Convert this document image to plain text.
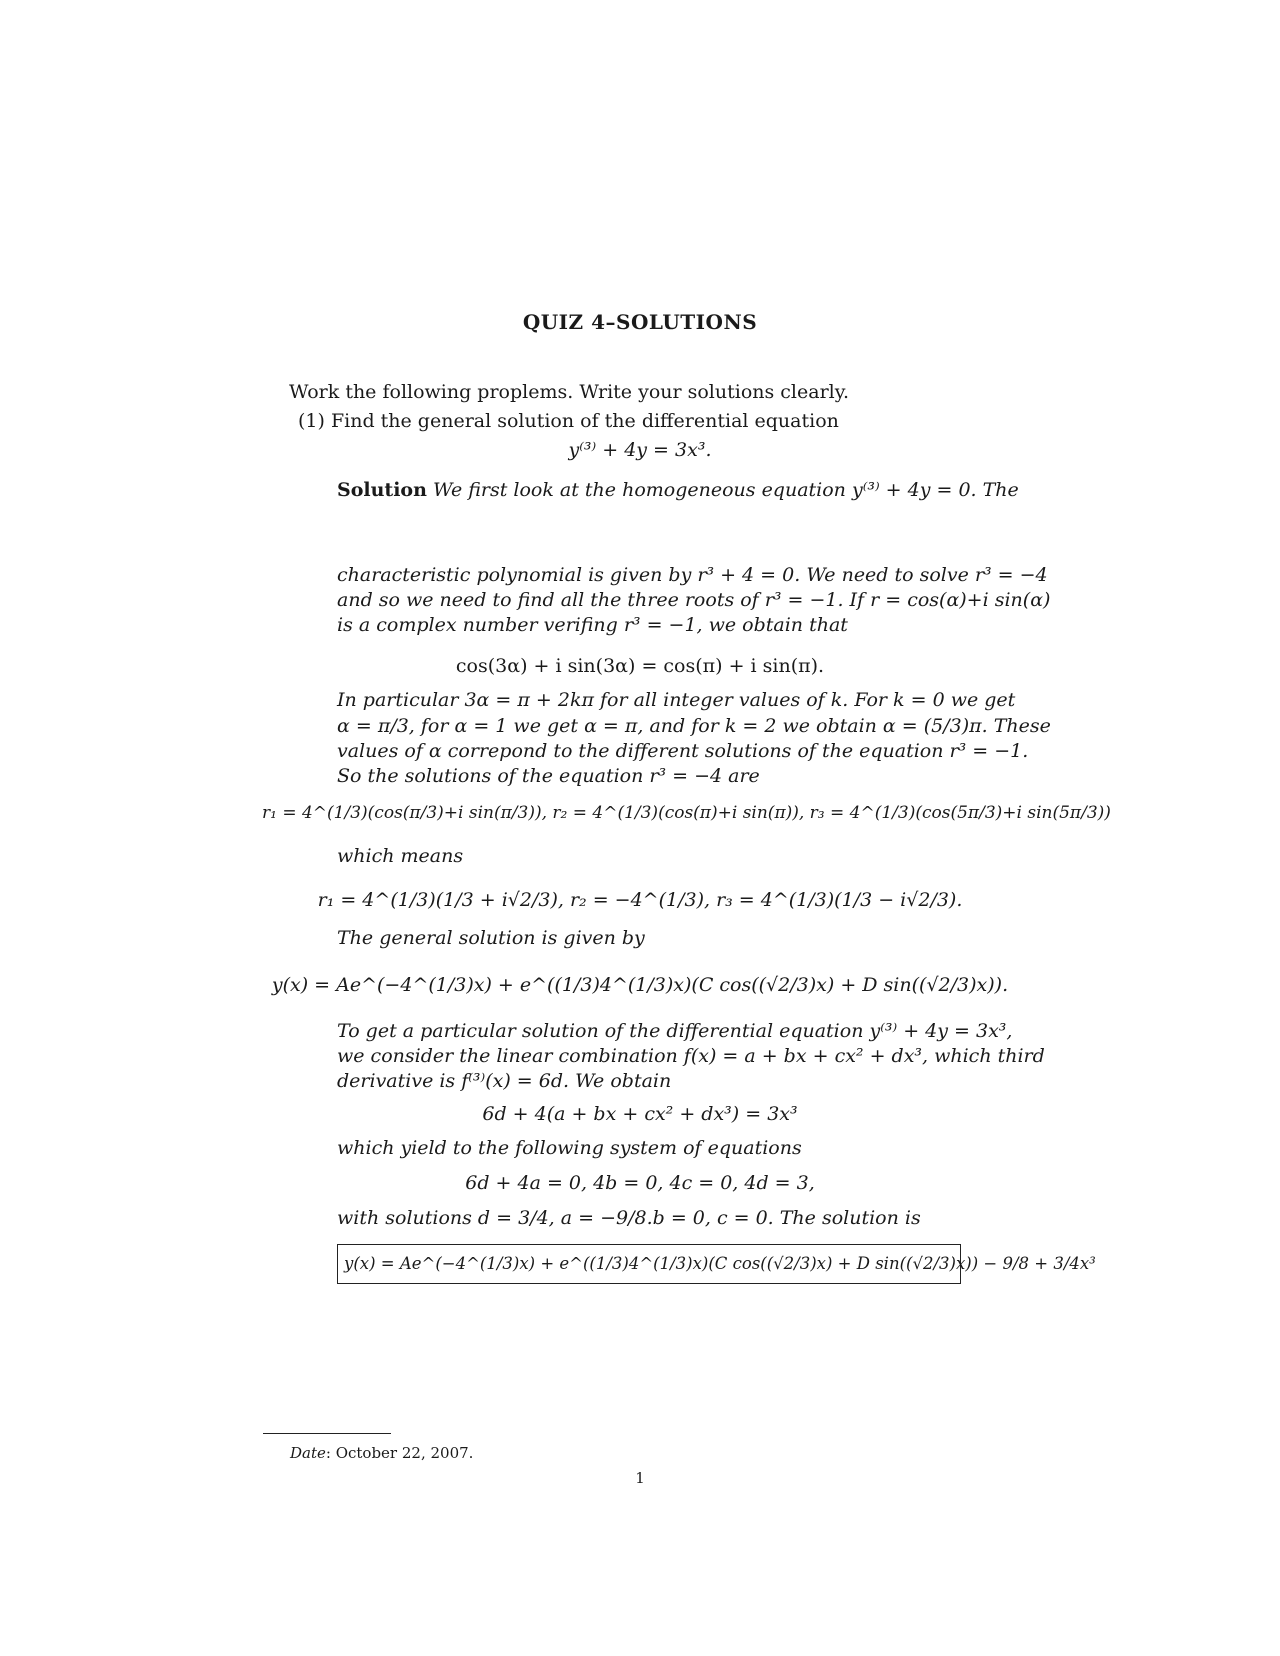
QUIZ 4–SOLUTIONS
Work the following proplems. Write your solutions clearly.
(1) Find the general solution of the differential equation
y⁽³⁾ + 4y = 3x³.
Solution We first look at the homogeneous equation y⁽³⁾ + 4y = 0. The
characteristic polynomial is given by r³ + 4 = 0. We need to solve r³ = −4
and so we need to find all the three roots of r³ = −1. If r = cos(α)+i sin(α)
is a complex number verifing r³ = −1, we obtain that
cos(3α) + i sin(3α) = cos(π) + i sin(π).
In particular 3α = π + 2kπ for all integer values of k. For k = 0 we get
α = π/3, for α = 1 we get α = π, and for k = 2 we obtain α = (5/3)π. These
values of α correpond to the different solutions of the equation r³ = −1.
So the solutions of the equation r³ = −4 are
r₁ = 4^(1/3)(cos(π/3)+i sin(π/3)), r₂ = 4^(1/3)(cos(π)+i sin(π)), r₃ = 4^(1/3)(cos(5π/3)+i sin(5π/3))
which means
r₁ = 4^(1/3)(1/3 + i√2/3), r₂ = −4^(1/3), r₃ = 4^(1/3)(1/3 − i√2/3).
The general solution is given by
y(x) = Ae^(−4^(1/3)x) + e^((1/3)4^(1/3)x)(C cos((√2/3)x) + D sin((√2/3)x)).
To get a particular solution of the differential equation y⁽³⁾ + 4y = 3x³,
we consider the linear combination f(x) = a + bx + cx² + dx³, which third
derivative is f⁽³⁾(x) = 6d. We obtain
6d + 4(a + bx + cx² + dx³) = 3x³
which yield to the following system of equations
6d + 4a = 0, 4b = 0, 4c = 0, 4d = 3,
with solutions d = 3/4, a = −9/8.b = 0, c = 0. The solution is
y(x) = Ae^(−4^(1/3)x) + e^((1/3)4^(1/3)x)(C cos((√2/3)x) + D sin((√2/3)x)) − 9/8 + 3/4x³
Date: October 22, 2007.
1
